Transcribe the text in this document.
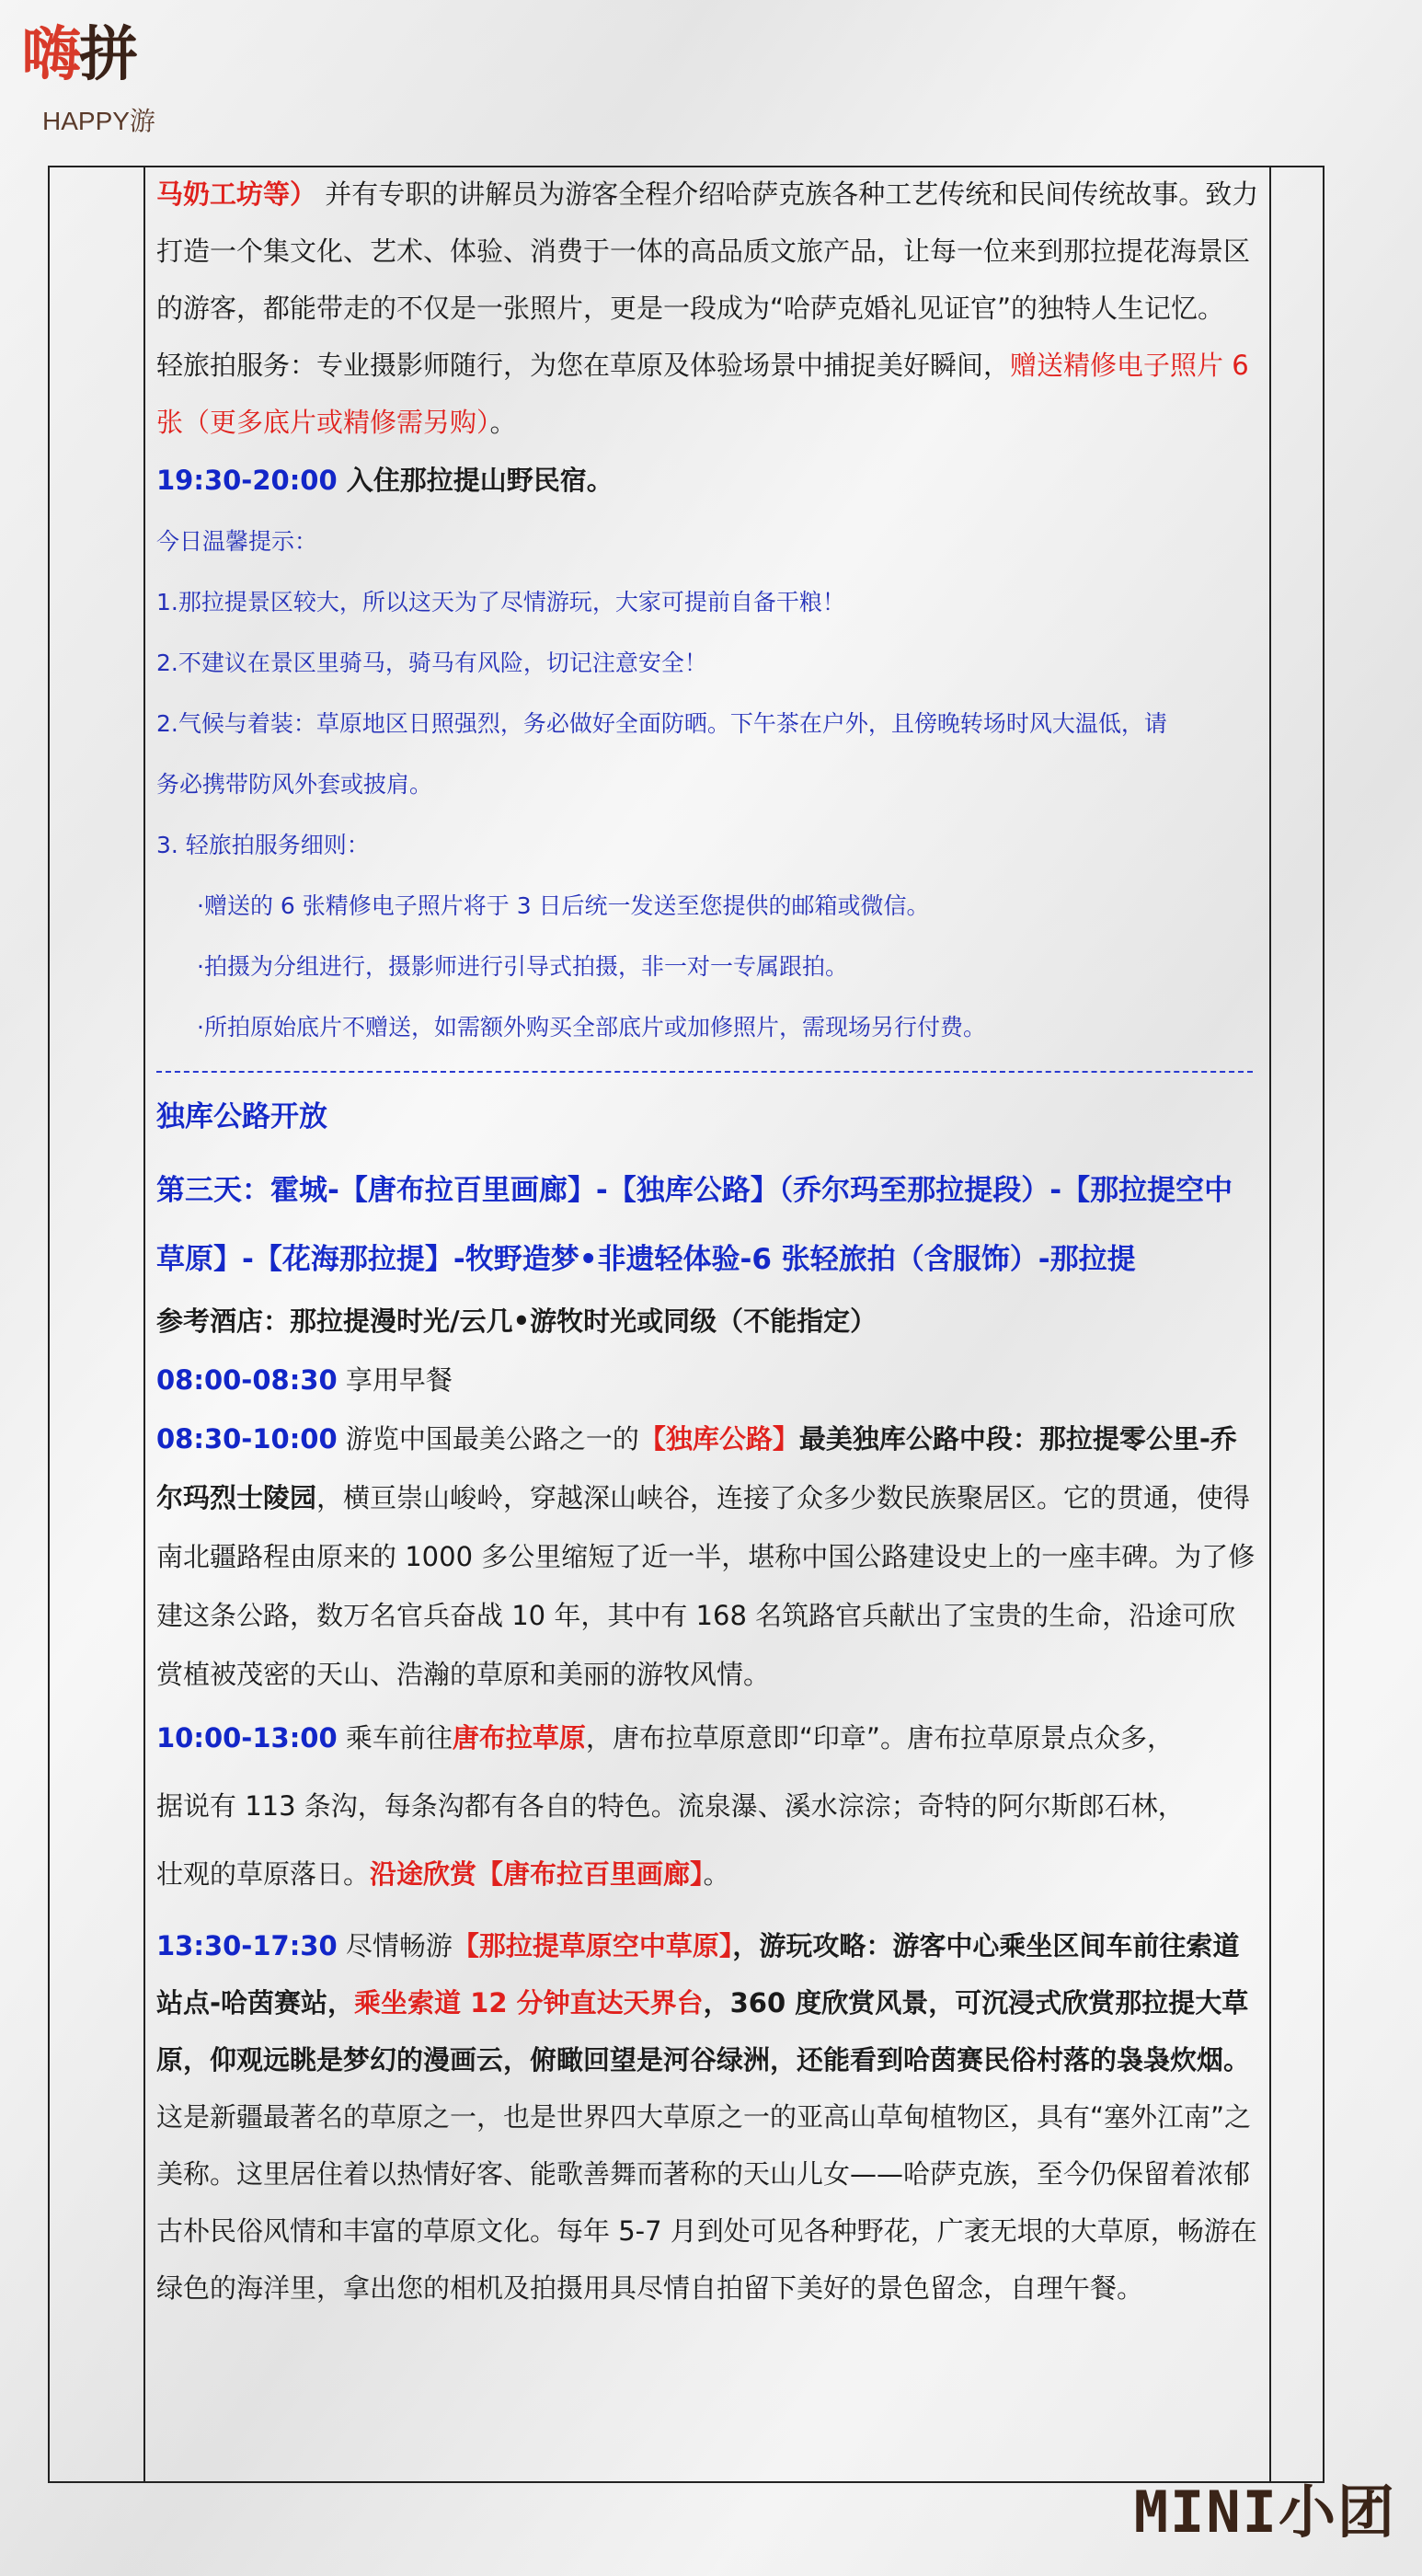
嗨拼
HAPPY游

马奶工坊等） 并有专职的讲解员为游客全程介绍哈萨克族各种工艺传统和民间传统故事。致力打造一个集文化、艺术、体验、消费于一体的高品质文旅产品，让每一位来到那拉提花海景区的游客，都能带走的不仅是一张照片，更是一段成为“哈萨克婚礼见证官”的独特人生记忆。

轻旅拍服务：专业摄影师随行，为您在草原及体验场景中捕捉美好瞬间，赠送精修电子照片 6 张（更多底片或精修需另购）。

19:30-20:00 入住那拉提山野民宿。

今日温馨提示：

1.那拉提景区较大，所以这天为了尽情游玩，大家可提前自备干粮！

2.不建议在景区里骑马，骑马有风险，切记注意安全！

2.气候与着装：草原地区日照强烈，务必做好全面防晒。下午茶在户外，且傍晚转场时风大温低，请

务必携带防风外套或披肩。

3. 轻旅拍服务细则：

·赠送的 6 张精修电子照片将于 3 日后统一发送至您提供的邮箱或微信。

·拍摄为分组进行，摄影师进行引导式拍摄，非一对一专属跟拍。

·所拍原始底片不赠送，如需额外购买全部底片或加修照片，需现场另行付费。

独库公路开放

第三天：霍城-【唐布拉百里画廊】-【独库公路】（乔尔玛至那拉提段）-【那拉提空中

草原】-【花海那拉提】-牧野造梦•非遗轻体验-6 张轻旅拍（含服饰）-那拉提

参考酒店：那拉提漫时光/云几•游牧时光或同级（不能指定）

08:00-08:30 享用早餐

08:30-10:00 游览中国最美公路之一的【独库公路】最美独库公路中段：那拉提零公里-乔尔玛烈士陵园，横亘崇山峻岭，穿越深山峡谷，连接了众多少数民族聚居区。它的贯通，使得南北疆路程由原来的 1000 多公里缩短了近一半，堪称中国公路建设史上的一座丰碑。为了修建这条公路，数万名官兵奋战 10 年，其中有 168 名筑路官兵献出了宝贵的生命，沿途可欣赏植被茂密的天山、浩瀚的草原和美丽的游牧风情。

10:00-13:00 乘车前往唐布拉草原，唐布拉草原意即“印章”。唐布拉草原景点众多，
据说有 113 条沟，每条沟都有各自的特色。流泉瀑、溪水淙淙；奇特的阿尔斯郎石林，
壮观的草原落日。沿途欣赏【唐布拉百里画廊】。

13:30-17:30 尽情畅游【那拉提草原空中草原】，游玩攻略：游客中心乘坐区间车前往索道站点-哈茵赛站，乘坐索道 12 分钟直达天界台，360 度欣赏风景，可沉浸式欣赏那拉提大草原，仰观远眺是梦幻的漫画云，俯瞰回望是河谷绿洲，还能看到哈茵赛民俗村落的袅袅炊烟。这是新疆最著名的草原之一，也是世界四大草原之一的亚高山草甸植物区，具有“塞外江南”之美称。这里居住着以热情好客、能歌善舞而著称的天山儿女——哈萨克族，至今仍保留着浓郁古朴民俗风情和丰富的草原文化。每年 5-7 月到处可见各种野花，广袤无垠的大草原，畅游在绿色的海洋里，拿出您的相机及拍摄用具尽情自拍留下美好的景色留念，自理午餐。

MINI小团
